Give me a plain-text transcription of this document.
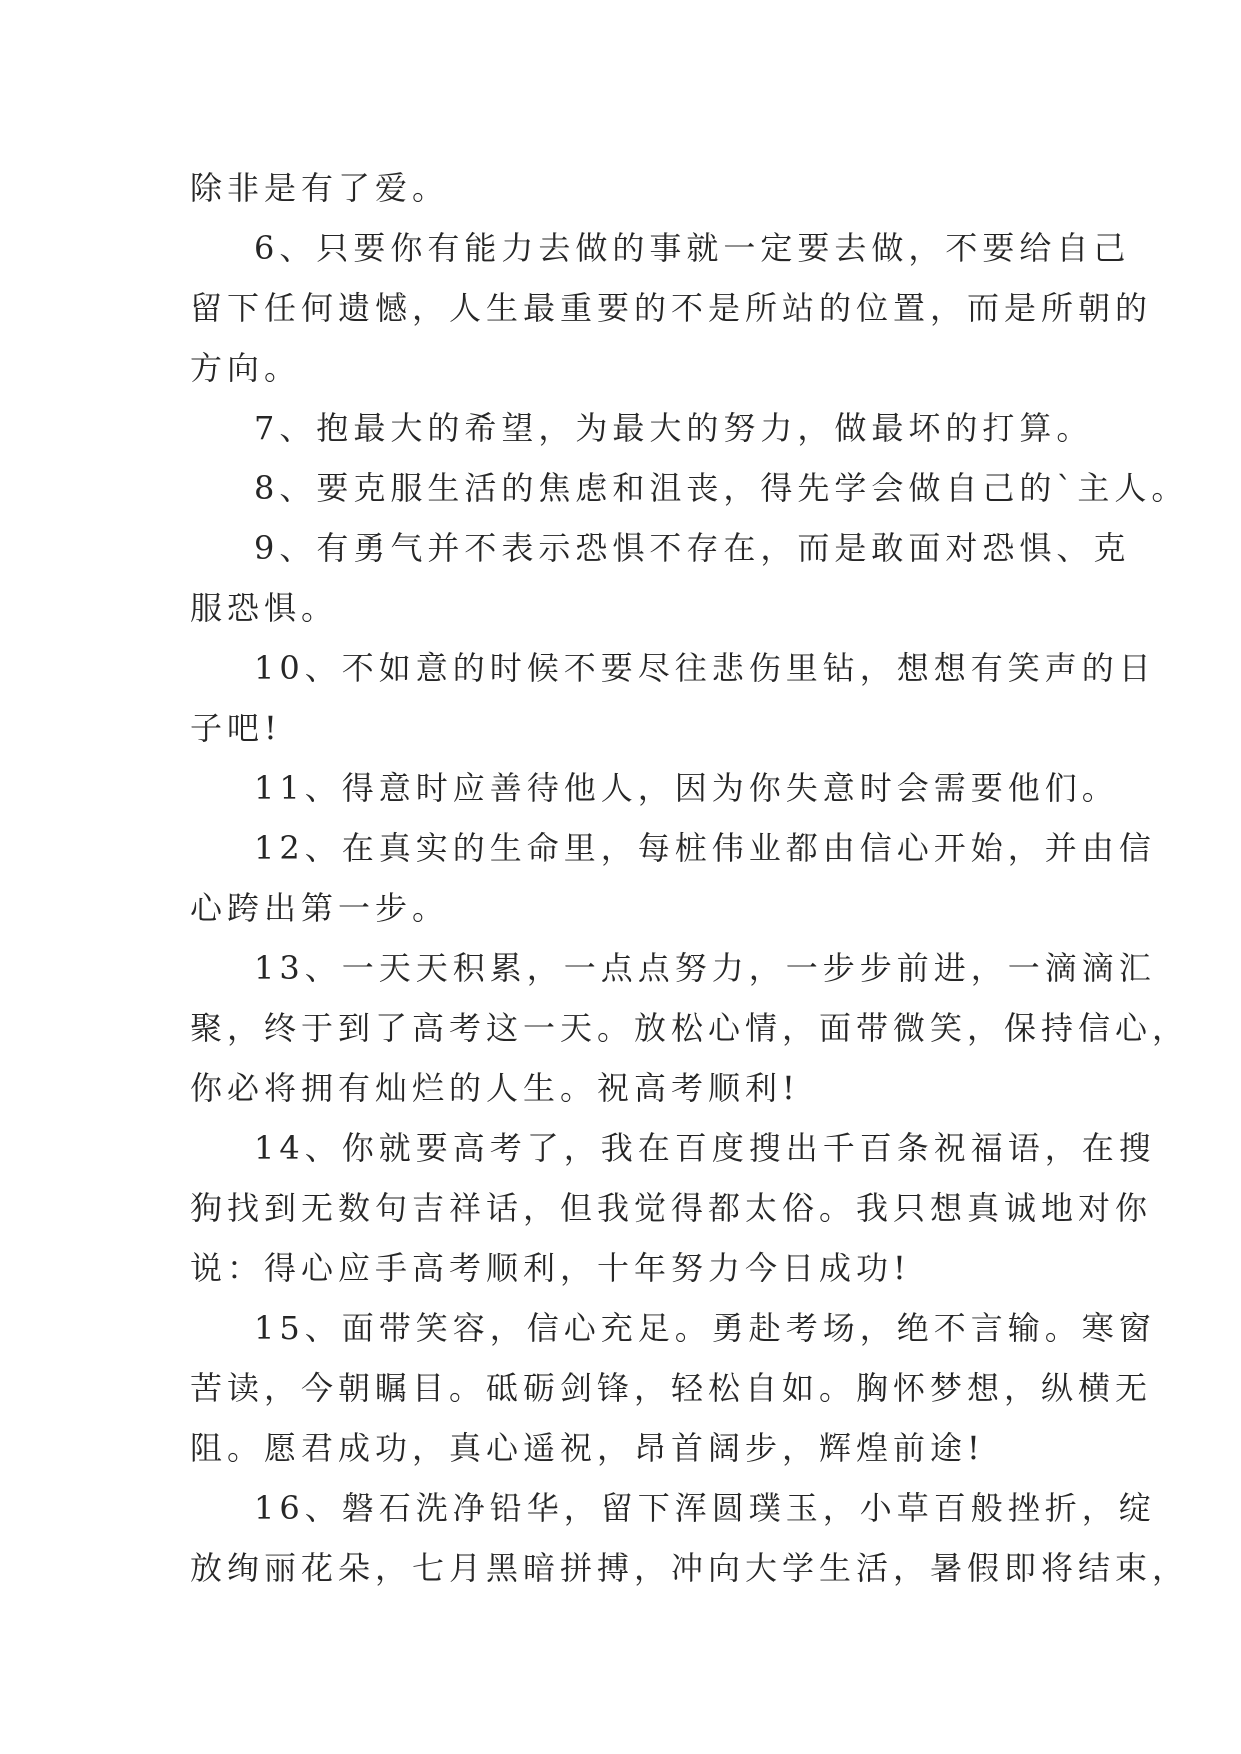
除非是有了爱。

6、只要你有能力去做的事就一定要去做，不要给自己
留下任何遗憾，人生最重要的不是所站的位置，而是所朝的
方向。

7、抱最大的希望，为最大的努力，做最坏的打算。

8、要克服生活的焦虑和沮丧，得先学会做自己的`主人。

9、有勇气并不表示恐惧不存在，而是敢面对恐惧、克
服恐惧。

10、不如意的时候不要尽往悲伤里钻，想想有笑声的日
子吧!

11、得意时应善待他人，因为你失意时会需要他们。

12、在真实的生命里，每桩伟业都由信心开始，并由信
心跨出第一步。

13、一天天积累，一点点努力，一步步前进，一滴滴汇
聚，终于到了高考这一天。放松心情，面带微笑，保持信心，
你必将拥有灿烂的人生。祝高考顺利!

14、你就要高考了，我在百度搜出千百条祝福语，在搜
狗找到无数句吉祥话，但我觉得都太俗。我只想真诚地对你
说：得心应手高考顺利，十年努力今日成功!

15、面带笑容，信心充足。勇赴考场，绝不言输。寒窗
苦读，今朝瞩目。砥砺剑锋，轻松自如。胸怀梦想，纵横无
阻。愿君成功，真心遥祝，昂首阔步，辉煌前途!

16、磐石洗净铅华，留下浑圆璞玉，小草百般挫折，绽
放绚丽花朵，七月黑暗拼搏，冲向大学生活，暑假即将结束，
